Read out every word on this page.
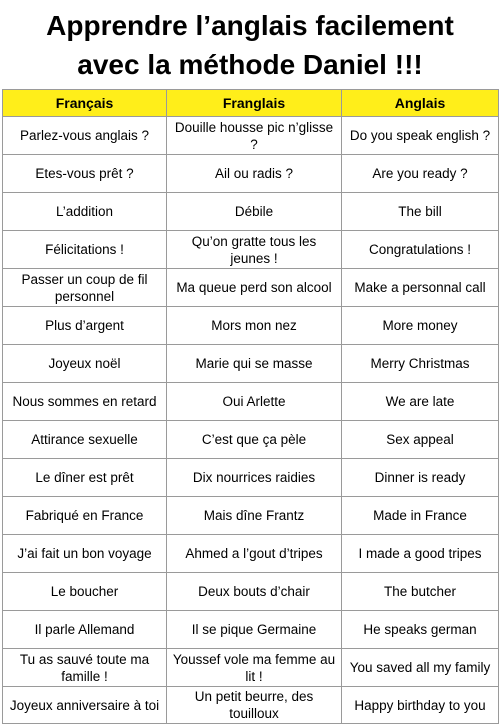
Apprendre l’anglais facilement
avec la méthode Daniel !!!
Français	Franglais	Anglais
Parlez-vous anglais ?	Douille housse pic n’glisse ?	Do you speak english ?
Etes-vous prêt ?	Ail ou radis ?	Are you ready ?
L’addition	Débile	The bill
Félicitations !	Qu’on gratte tous les jeunes !	Congratulations !
Passer un coup de fil personnel	Ma queue perd son alcool	Make a personnal call
Plus d’argent	Mors mon nez	More money
Joyeux noël	Marie qui se masse	Merry Christmas
Nous sommes en retard	Oui Arlette	We are late
Attirance sexuelle	C’est que ça pèle	Sex appeal
Le dîner est prêt	Dix nourrices raidies	Dinner is ready
Fabriqué en France	Mais dîne Frantz	Made in France
J’ai fait un bon voyage	Ahmed a l’gout d’tripes	I made a good tripes
Le boucher	Deux bouts d’chair	The butcher
Il parle Allemand	Il se pique Germaine	He speaks german
Tu as sauvé toute ma famille !	Youssef vole ma femme au lit !	You saved all my family
Joyeux anniversaire à toi	Un petit beurre, des touilloux	Happy birthday to you
